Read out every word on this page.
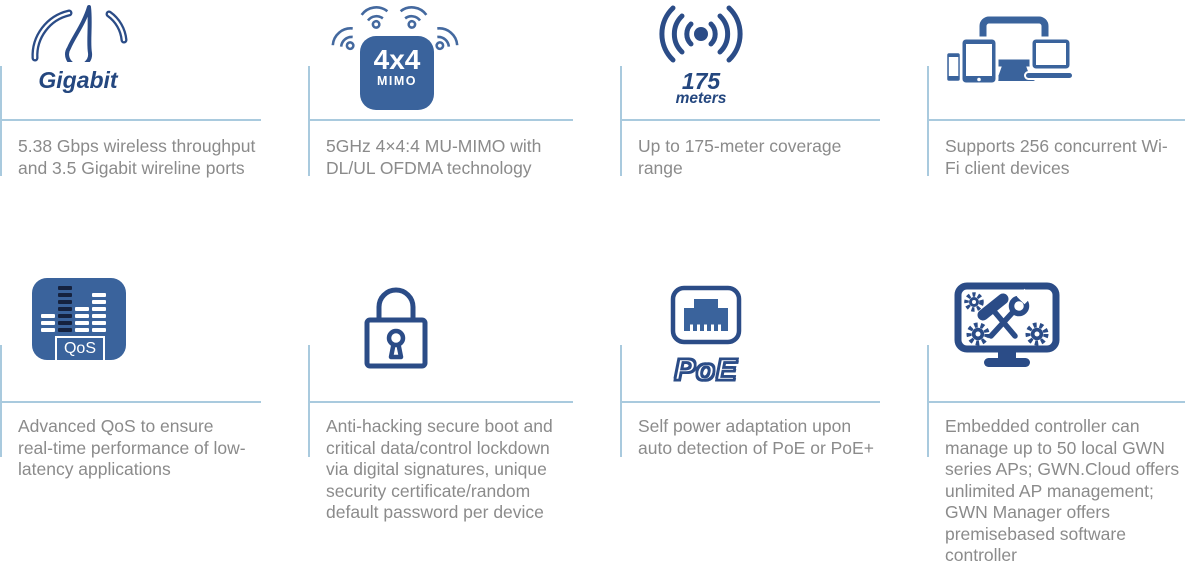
Gigabit

5.38 Gbps wireless throughput and 3.5 Gigabit wireline ports

4x4
MIMO

5GHz 4×4:4 MU-MIMO with DL/UL OFDMA technology

175
meters

Up to 175-meter coverage range

Supports 256 concurrent Wi-Fi client devices

QoS

Advanced QoS to ensure real-time performance of low-latency applications

Anti-hacking secure boot and critical data/control lockdown via digital signatures, unique security certificate/random default password per device

PoE

Self power adaptation upon auto detection of PoE or PoE+

Embedded controller can manage up to 50 local GWN series APs; GWN.Cloud offers unlimited AP management; GWN Manager offers premisebased software controller
